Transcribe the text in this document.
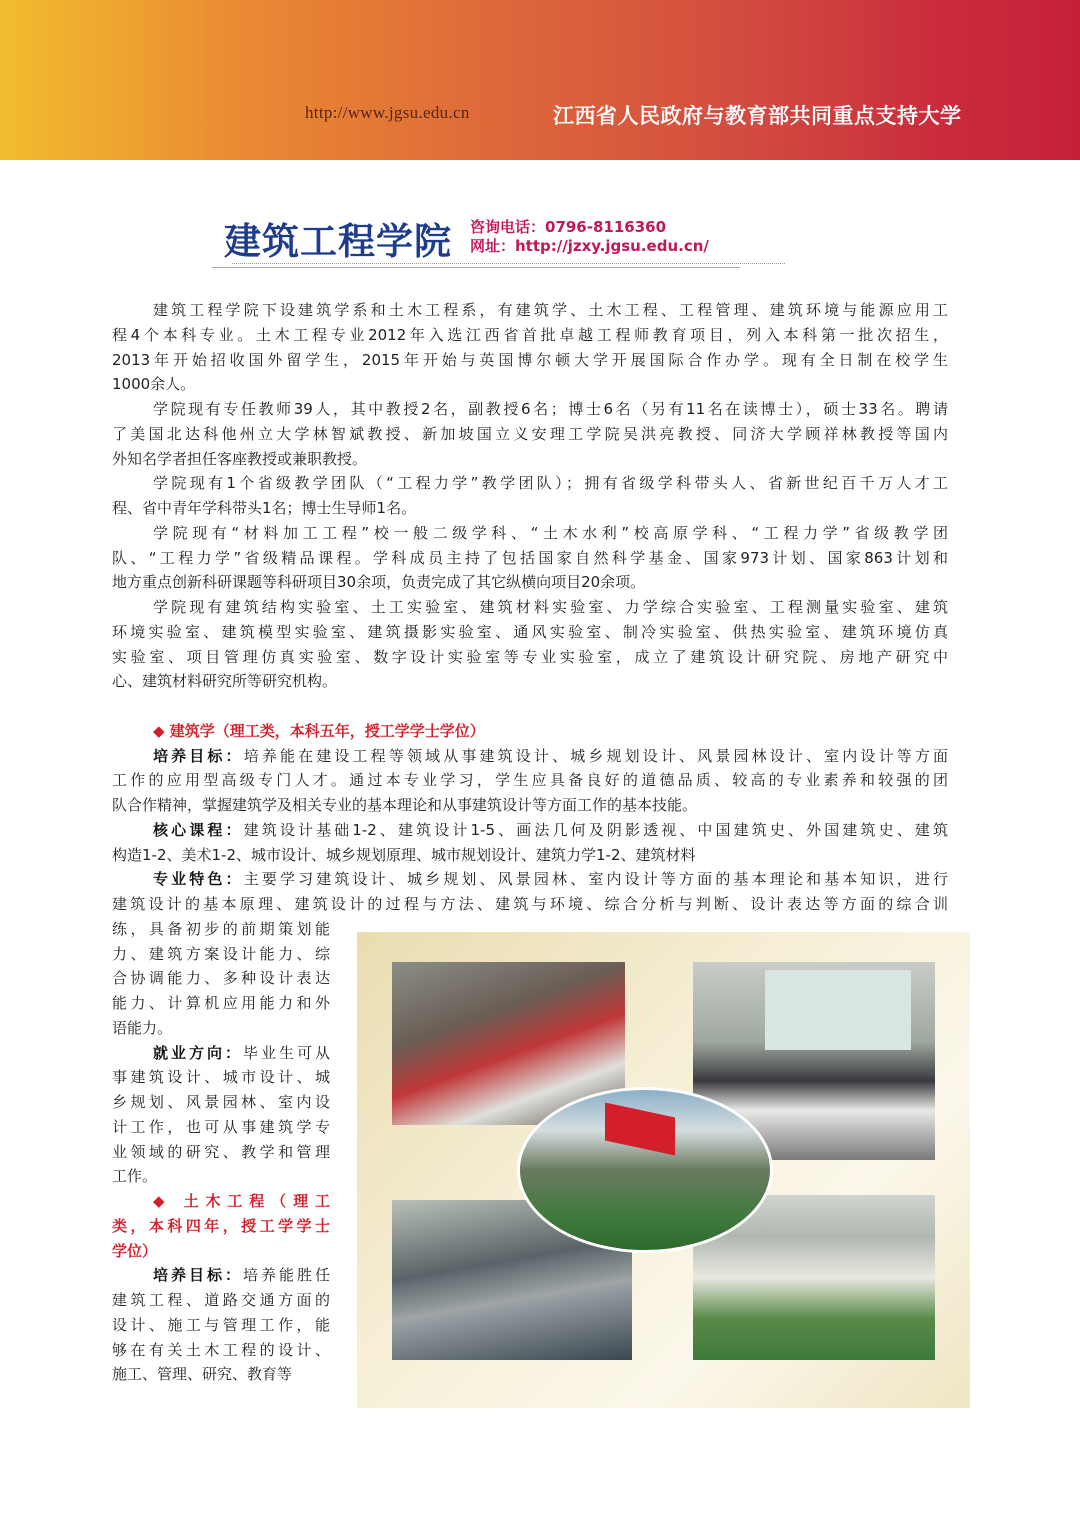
http://www.jgsu.edu.cn	江西省人民政府与教育部共同重点支持大学
建筑工程学院 咨询电话：0796-8116360
网址：http://jzxy.jgsu.edu.cn/
建筑工程学院下设建筑学系和土木工程系，有建筑学、土木工程、工程管理、建筑环境与能源应用工
程4个本科专业。土木工程专业2012年入选江西省首批卓越工程师教育项目，列入本科第一批次招生，
2013年开始招收国外留学生，2015年开始与英国博尔顿大学开展国际合作办学。现有全日制在校学生
1000余人。
学院现有专任教师39人，其中教授2名，副教授6名；博士6名（另有11名在读博士），硕士33名。聘请
了美国北达科他州立大学林智斌教授、新加坡国立义安理工学院吴洪亮教授、同济大学顾祥林教授等国内
外知名学者担任客座教授或兼职教授。
学院现有1个省级教学团队（“工程力学”教学团队）；拥有省级学科带头人、省新世纪百千万人才工
程、省中青年学科带头1名；博士生导师1名。
学院现有“材料加工工程”校一般二级学科、“土木水利”校高原学科、“工程力学”省级教学团
队、“工程力学”省级精品课程。学科成员主持了包括国家自然科学基金、国家973计划、国家863计划和
地方重点创新科研课题等科研项目30余项，负责完成了其它纵横向项目20余项。
学院现有建筑结构实验室、土工实验室、建筑材料实验室、力学综合实验室、工程测量实验室、建筑
环境实验室、建筑模型实验室、建筑摄影实验室、通风实验室、制冷实验室、供热实验室、建筑环境仿真
实验室、项目管理仿真实验室、数字设计实验室等专业实验室，成立了建筑设计研究院、房地产研究中
心、建筑材料研究所等研究机构。
◆ 建筑学（理工类，本科五年，授工学学士学位）
培养目标：培养能在建设工程等领域从事建筑设计、城乡规划设计、风景园林设计、室内设计等方面
工作的应用型高级专门人才。通过本专业学习，学生应具备良好的道德品质、较高的专业素养和较强的团
队合作精神，掌握建筑学及相关专业的基本理论和从事建筑设计等方面工作的基本技能。
核心课程：建筑设计基础1-2、建筑设计1-5、画法几何及阴影透视、中国建筑史、外国建筑史、建筑
构造1-2、美术1-2、城市设计、城乡规划原理、城市规划设计、建筑力学1-2、建筑材料
专业特色：主要学习建筑设计、城乡规划、风景园林、室内设计等方面的基本理论和基本知识，进行
建筑设计的基本原理、建筑设计的过程与方法、建筑与环境、综合分析与判断、设计表达等方面的综合训
练，具备初步的前期策划能
力、建筑方案设计能力、综
合协调能力、多种设计表达
能力、计算机应用能力和外
语能力。
就业方向：毕业生可从
事建筑设计、城市设计、城
乡规划、风景园林、室内设
计工作，也可从事建筑学专
业领域的研究、教学和管理
工作。
◆ 土木工程（理工
类，本科四年，授工学学士
学位）
培养目标：培养能胜任
建筑工程、道路交通方面的
设计、施工与管理工作，能
够在有关土木工程的设计、
施工、管理、研究、教育等
